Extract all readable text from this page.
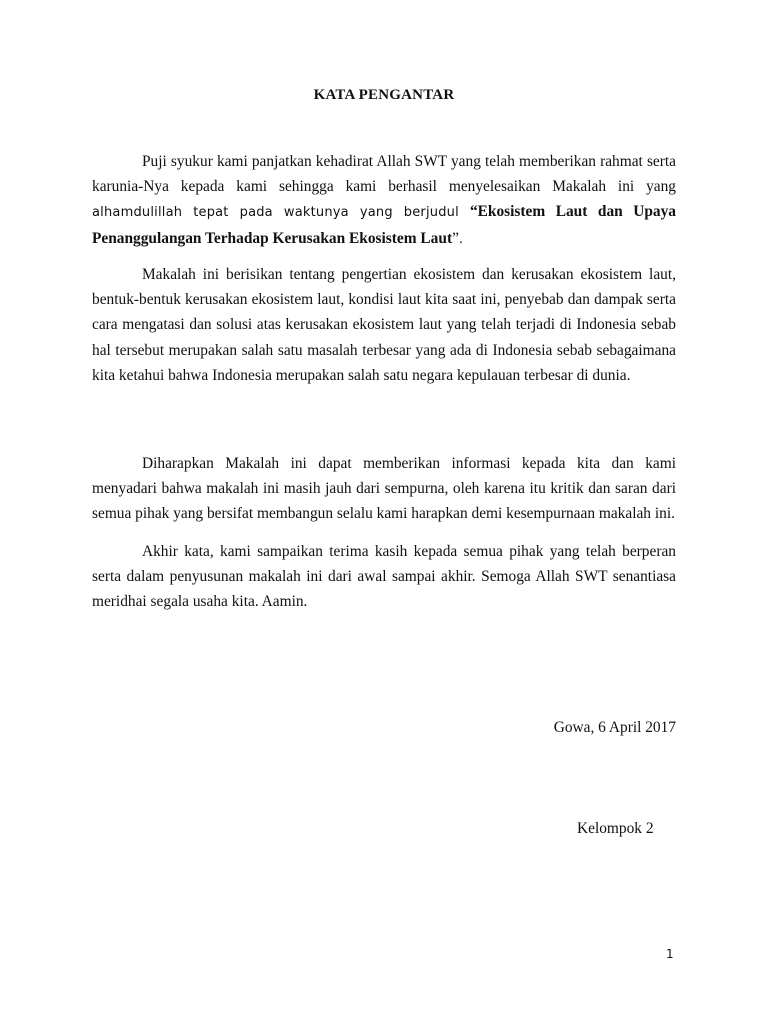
KATA PENGANTAR

Puji syukur kami panjatkan kehadirat Allah SWT yang telah memberikan rahmat serta karunia-Nya kepada kami sehingga kami berhasil menyelesaikan Makalah ini yang alhamdulillah tepat pada waktunya yang berjudul “Ekosistem Laut dan Upaya Penanggulangan Terhadap Kerusakan Ekosistem Laut”.

Makalah ini berisikan tentang pengertian ekosistem dan kerusakan ekosistem laut, bentuk-bentuk kerusakan ekosistem laut, kondisi laut kita saat ini, penyebab dan dampak serta cara mengatasi dan solusi atas kerusakan ekosistem laut yang telah terjadi di Indonesia sebab hal tersebut merupakan salah satu masalah terbesar yang ada di Indonesia sebab sebagaimana kita ketahui bahwa Indonesia merupakan salah satu negara kepulauan terbesar di dunia.

Diharapkan Makalah ini dapat memberikan informasi kepada kita dan kami menyadari bahwa makalah ini masih jauh dari sempurna, oleh karena itu kritik dan saran dari semua pihak yang bersifat membangun selalu kami harapkan demi kesempurnaan makalah ini.

Akhir kata, kami sampaikan terima kasih kepada semua pihak yang telah berperan serta dalam penyusunan makalah ini dari awal sampai akhir. Semoga Allah SWT senantiasa meridhai segala usaha kita. Aamin.

Gowa, 6 April 2017
Kelompok 2
1
